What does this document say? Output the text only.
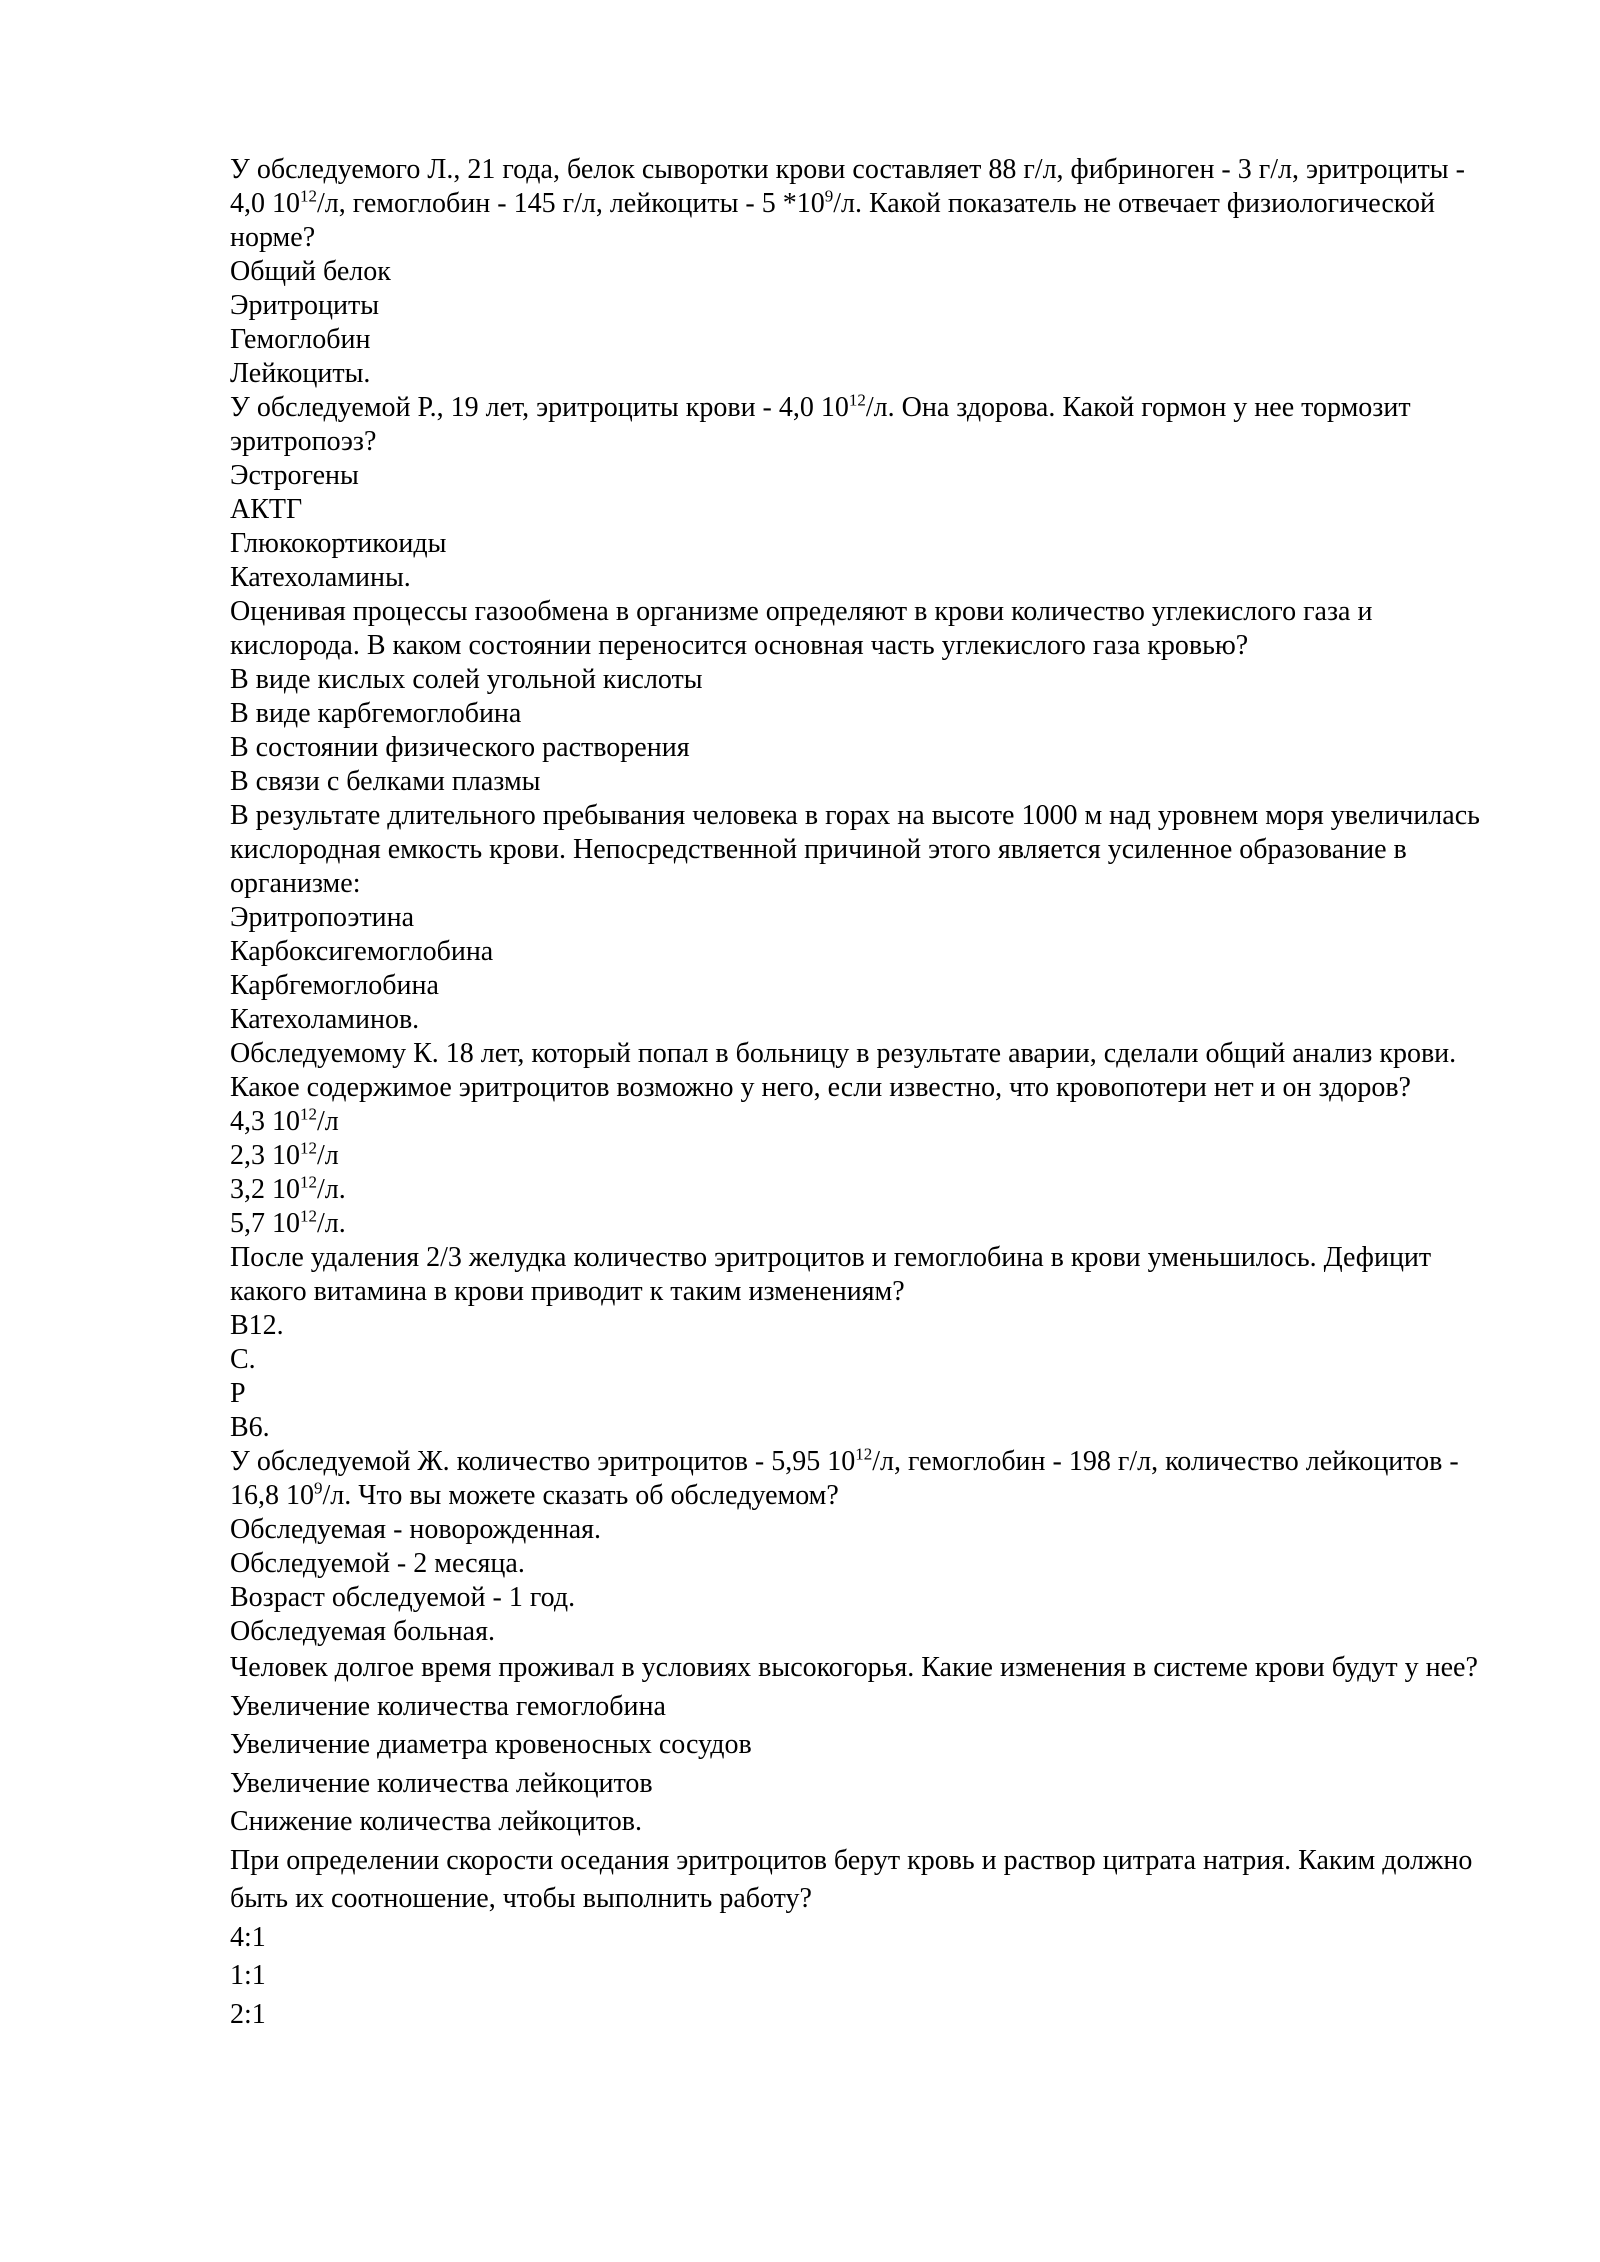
У обследуемого Л., 21 года, белок сыворотки крови составляет 88 г/л, фибриноген - 3 г/л, эритроциты - 4,0 $10^{12}/л$, гемоглобин - 145 г/л, лейкоциты - 5 $*10^9/л$. Какой показатель не отвечает физиологической норме?
Общий белок
Эритроциты
Гемоглобин
Лейкоциты.
У обследуемой Р., 19 лет, эритроциты крови - 4,0 $10^{12}/л$. Она здорова. Какой гормон у нее тормозит эритропоэз?
Эстрогены
АКТГ
Глюкокортикоиды
Катехоламины.
Оценивая процессы газообмена в организме определяют в крови количество углекислого газа и кислорода. В каком состоянии переносится основная часть углекислого газа кровью?
В виде кислых солей угольной кислоты
В виде карбгемоглобина
В состоянии физического растворения
В связи с белками плазмы
В результате длительного пребывания человека в горах на высоте 1000 м над уровнем моря увеличилась кислородная емкость крови. Непосредственной причиной этого является усиленное образование в организме:
Эритропоэтина
Карбоксигемоглобина
Карбгемоглобина
Катехоламинов.
Обследуемому К. 18 лет, который попал в больницу в результате аварии, сделали общий анализ крови. Какое содержимое эритроцитов возможно у него, если известно, что кровопотери нет и он здоров?
4,3 $10^{12}/л$
2,3 $10^{12}/л$
3,2 $10^{12}/л$.
5,7 $10^{12}/л$.
После удаления 2/3 желудка количество эритроцитов и гемоглобина в крови уменьшилось. Дефицит какого витамина в крови приводит к таким изменениям?
В12.
С.
Р
В6.
У обследуемой Ж. количество эритроцитов - 5,95 $10^{12}/л$, гемоглобин - 198 г/л, количество лейкоцитов - 16,8 $10^9/л$. Что вы можете сказать об обследуемом?
Обследуемая - новорожденная.
Обследуемой - 2 месяца.
Возраст обследуемой - 1 год.
Обследуемая больная.
Человек долгое время проживал в условиях высокогорья. Какие изменения в системе крови будут у нее?
Увеличение количества гемоглобина
Увеличение диаметра кровеносных сосудов
Увеличение количества лейкоцитов
Снижение количества лейкоцитов.
При определении скорости оседания эритроцитов берут кровь и раствор цитрата натрия. Каким должно быть их соотношение, чтобы выполнить работу?
4:1
1:1
2:1
